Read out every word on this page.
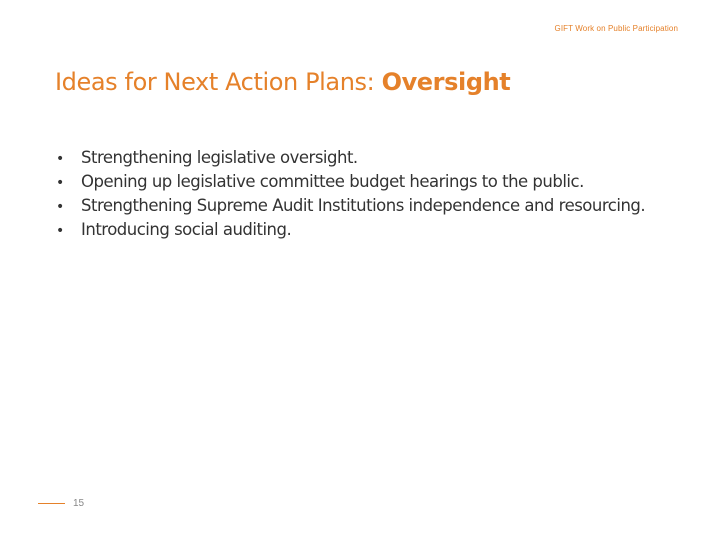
GIFT Work on Public Participation
Ideas for Next Action Plans: Oversight
•	Strengthening legislative oversight.
•	Opening up legislative committee budget hearings to the public.
•	Strengthening Supreme Audit Institutions independence and resourcing.
•	Introducing social auditing.
15
